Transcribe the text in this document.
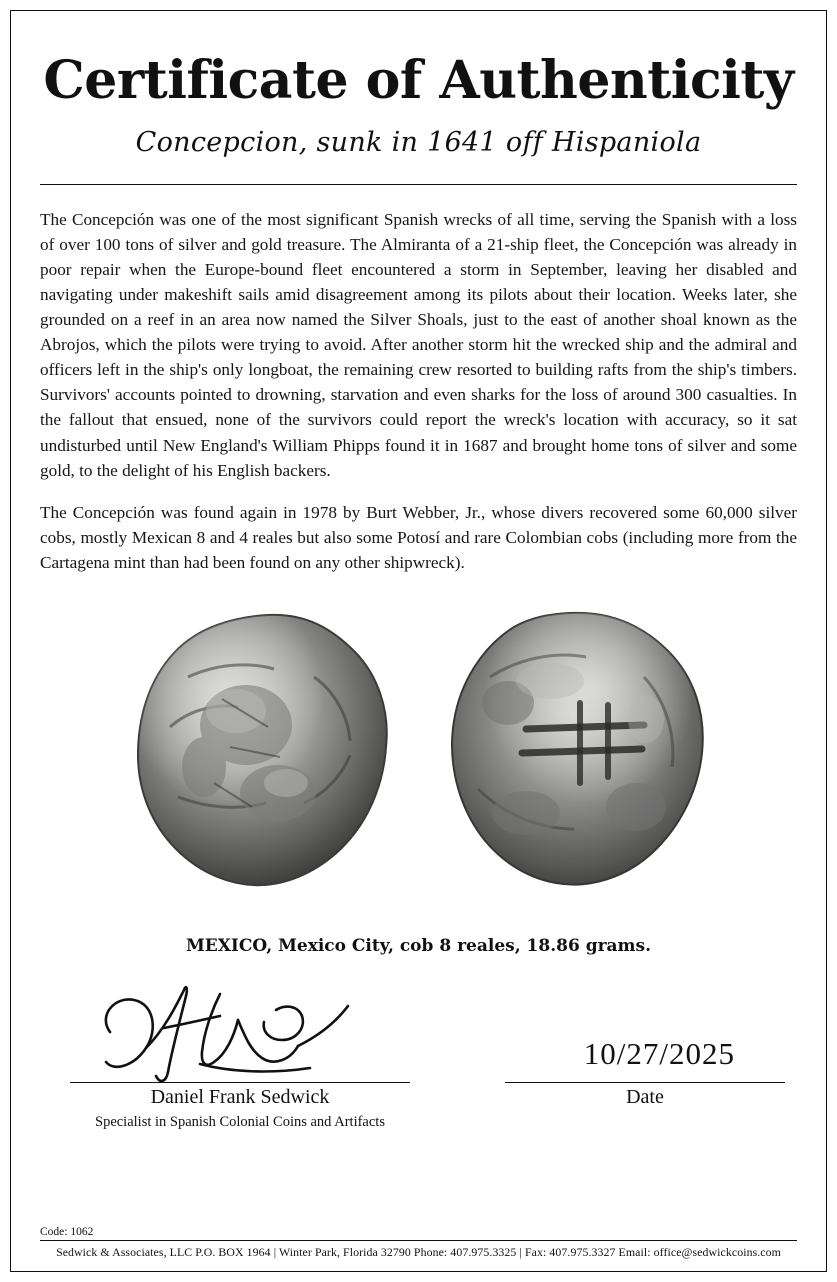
Certificate of Authenticity
Concepcion, sunk in 1641 off Hispaniola

The Concepción was one of the most significant Spanish wrecks of all time, serving the Spanish with a loss of over 100 tons of silver and gold treasure. The Almiranta of a 21-ship fleet, the Concepción was already in poor repair when the Europe-bound fleet encountered a storm in September, leaving her disabled and navigating under makeshift sails amid disagreement among its pilots about their location. Weeks later, she grounded on a reef in an area now named the Silver Shoals, just to the east of another shoal known as the Abrojos, which the pilots were trying to avoid. After another storm hit the wrecked ship and the admiral and officers left in the ship's only longboat, the remaining crew resorted to building rafts from the ship's timbers. Survivors' accounts pointed to drowning, starvation and even sharks for the loss of around 300 casualties. In the fallout that ensued, none of the survivors could report the wreck's location with accuracy, so it sat undisturbed until New England's William Phipps found it in 1687 and brought home tons of silver and some gold, to the delight of his English backers.

The Concepción was found again in 1978 by Burt Webber, Jr., whose divers recovered some 60,000 silver cobs, mostly Mexican 8 and 4 reales but also some Potosí and rare Colombian cobs (including more from the Cartagena mint than had been found on any other shipwreck).

MEXICO, Mexico City, cob 8 reales, 18.86 grams.
10/27/2025
Daniel Frank Sedwick
Specialist in Spanish Colonial Coins and Artifacts
Date
Code: 1062
Sedwick & Associates, LLC P.O. BOX 1964 | Winter Park, Florida 32790 Phone: 407.975.3325 | Fax: 407.975.3327 Email: office@sedwickcoins.com
